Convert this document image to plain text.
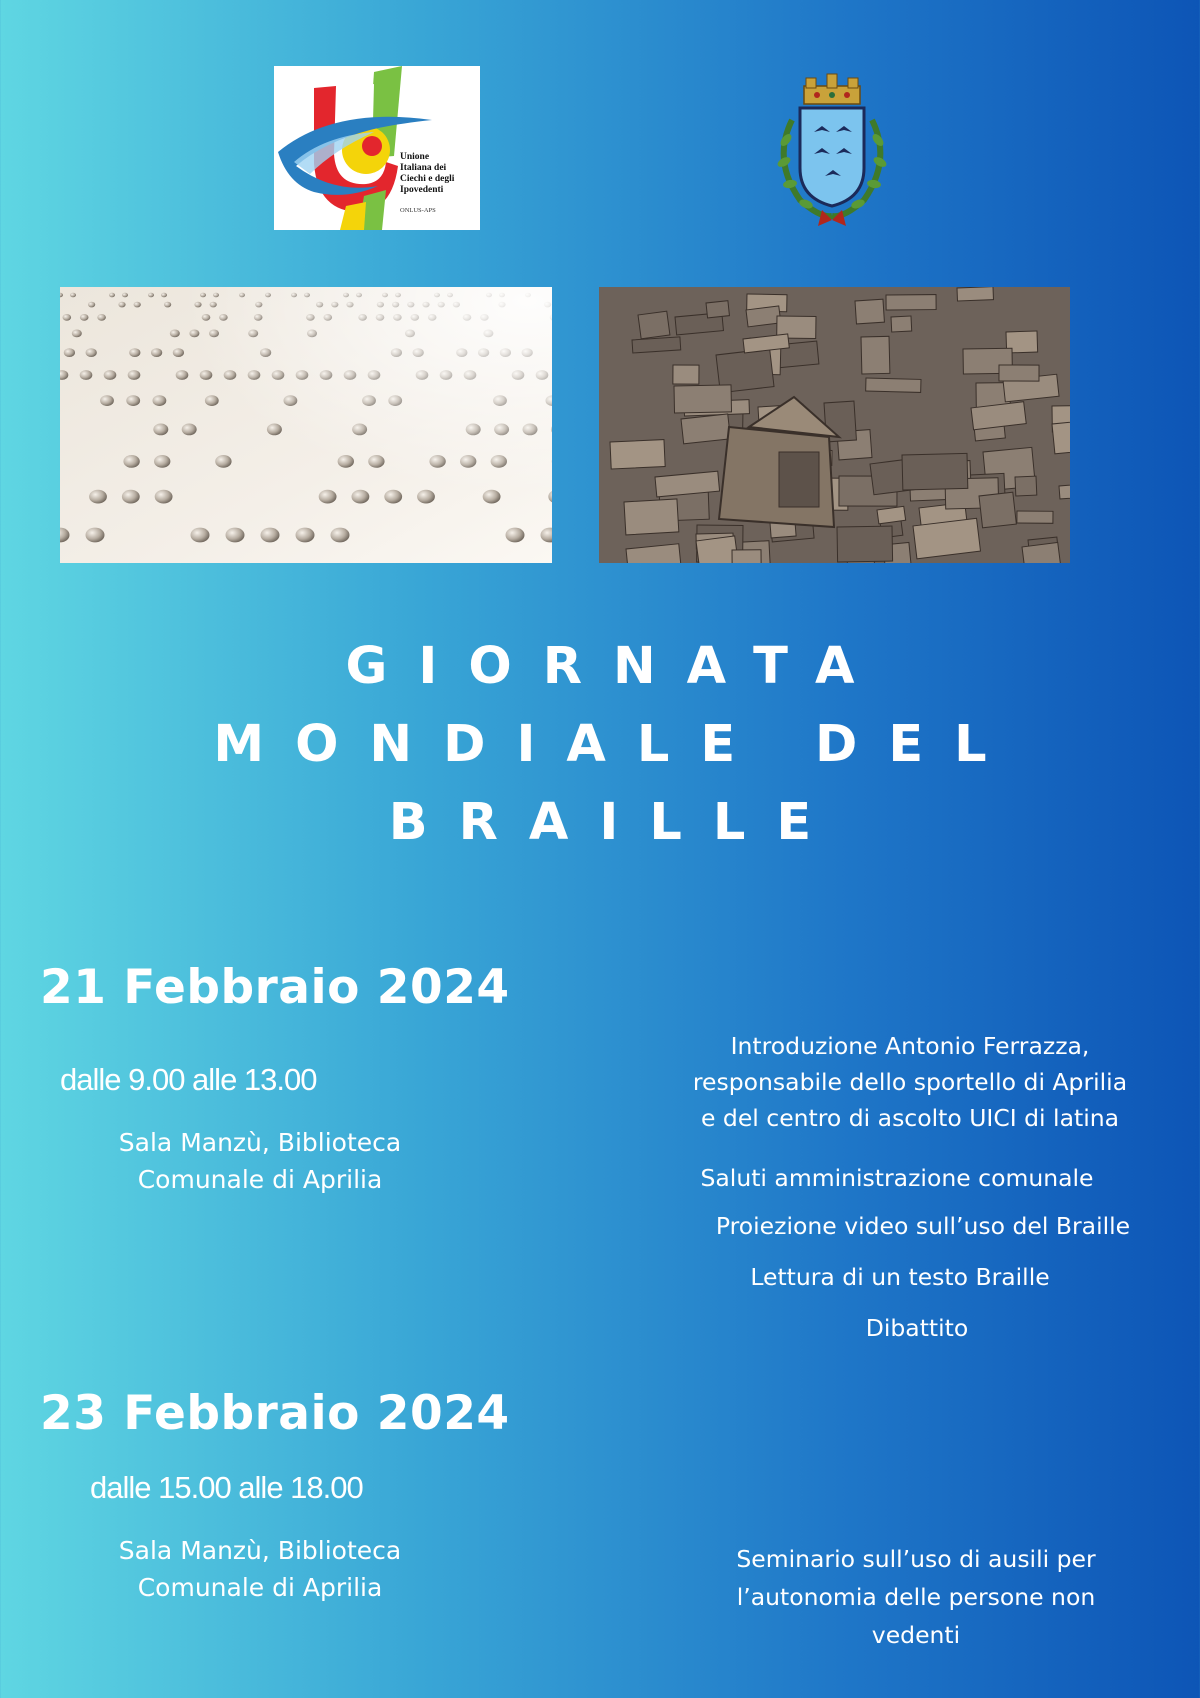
Unione
Italiana dei
Ciechi e degli
Ipovedenti
ONLUS-APS
GIORNATA
MONDIALE DEL
BRAILLE
21 Febbraio 2024
dalle 9.00 alle 13.00
Sala Manzù, Biblioteca
Comunale di Aprilia
Introduzione Antonio Ferrazza,
responsabile dello sportello di Aprilia
e del centro di ascolto UICI di latina
Saluti amministrazione comunale
Proiezione video sull’uso del Braille
Lettura di un testo Braille
Dibattito
23 Febbraio 2024
dalle 15.00 alle 18.00
Sala Manzù, Biblioteca
Comunale di Aprilia
Seminario sull’uso di ausili per
l’autonomia delle persone non
vedenti
